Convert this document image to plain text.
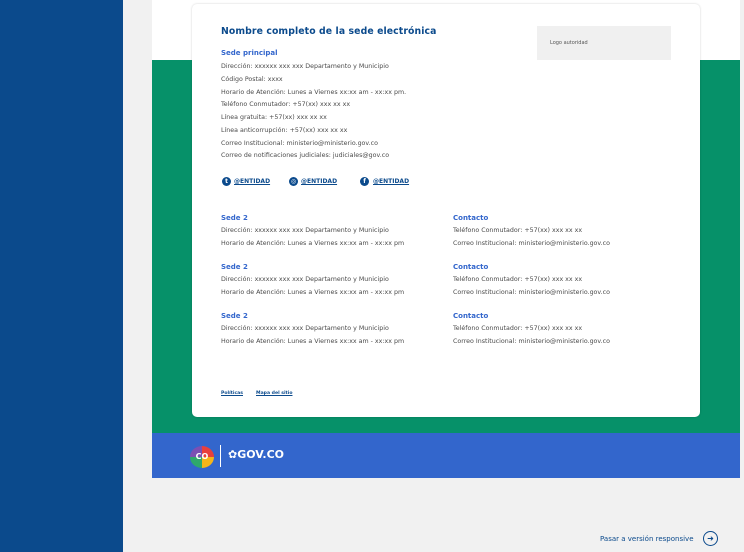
Nombre completo de la sede electrónica
Logo autoridad
Sede principal
Dirección: xxxxxx xxx xxx Departamento y Municipio
Código Postal: xxxx
Horario de Atención: Lunes a Viernes xx:xx am - xx:xx pm.
Teléfono Conmutador: +57(xx) xxx xx xx
Línea gratuita: +57(xx) xxx xx xx
Línea anticorrupción: +57(xx) xxx xx xx
Correo Institucional: ministerio@ministerio.gov.co
Correo de notificaciones judiciales: judiciales@gov.co
t	@ENTIDAD	◎ @ENTIDAD	f	@ENTIDAD
Sede 2
Dirección: xxxxxx xxx xxx Departamento y Municipio
Horario de Atención: Lunes a Viernes xx:xx am - xx:xx pm
Contacto
Teléfono Conmutador: +57(xx) xxx xx xx
Correo Institucional: ministerio@ministerio.gov.co
Sede 2
Dirección: xxxxxx xxx xxx Departamento y Municipio
Horario de Atención: Lunes a Viernes xx:xx am - xx:xx pm
Contacto
Teléfono Conmutador: +57(xx) xxx xx xx
Correo Institucional: ministerio@ministerio.gov.co
Sede 2
Dirección: xxxxxx xxx xxx Departamento y Municipio
Horario de Atención: Lunes a Viernes xx:xx am - xx:xx pm
Contacto
Teléfono Conmutador: +57(xx) xxx xx xx
Correo Institucional: ministerio@ministerio.gov.co
Políticas	Mapa del sitio
CO	✿GOV.CO
Pasar a versión responsive	➜
